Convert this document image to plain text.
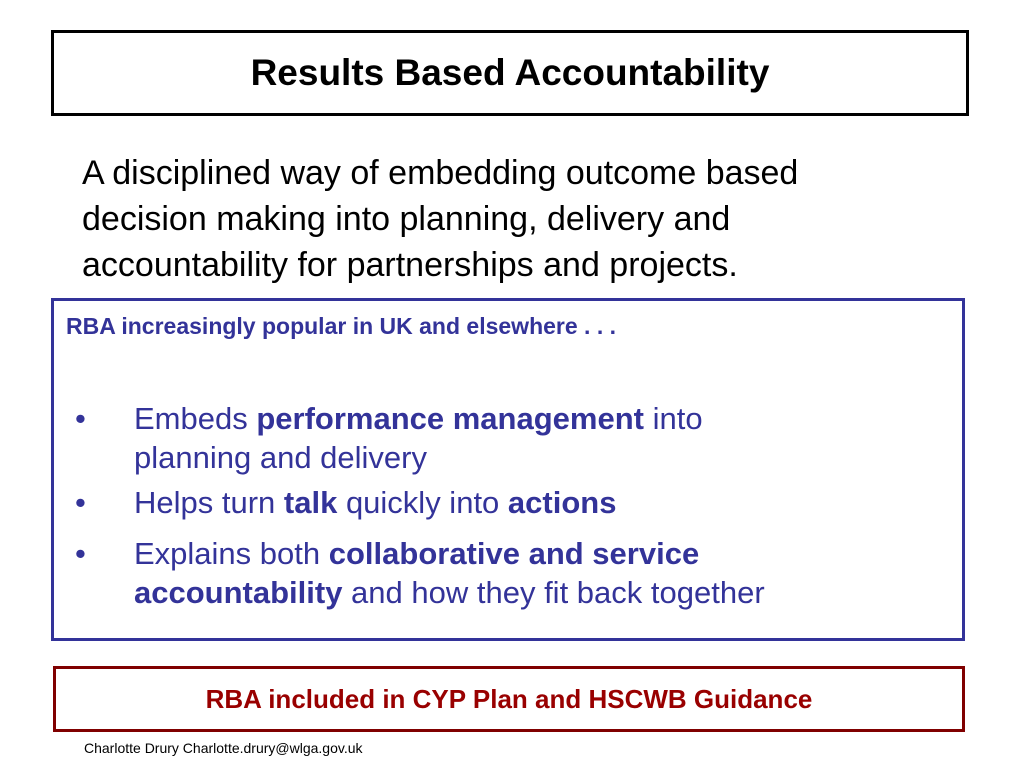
Results Based Accountability
A disciplined way of embedding outcome based
decision making into planning, delivery and
accountability for partnerships and projects.
RBA increasingly popular in UK and elsewhere . . .
• Embeds performance management into
planning and delivery
• Helps turn talk quickly into actions
• Explains both collaborative and service
accountability and how they fit back together
RBA included in CYP Plan and HSCWB Guidance
Charlotte Drury Charlotte.drury@wlga.gov.uk
